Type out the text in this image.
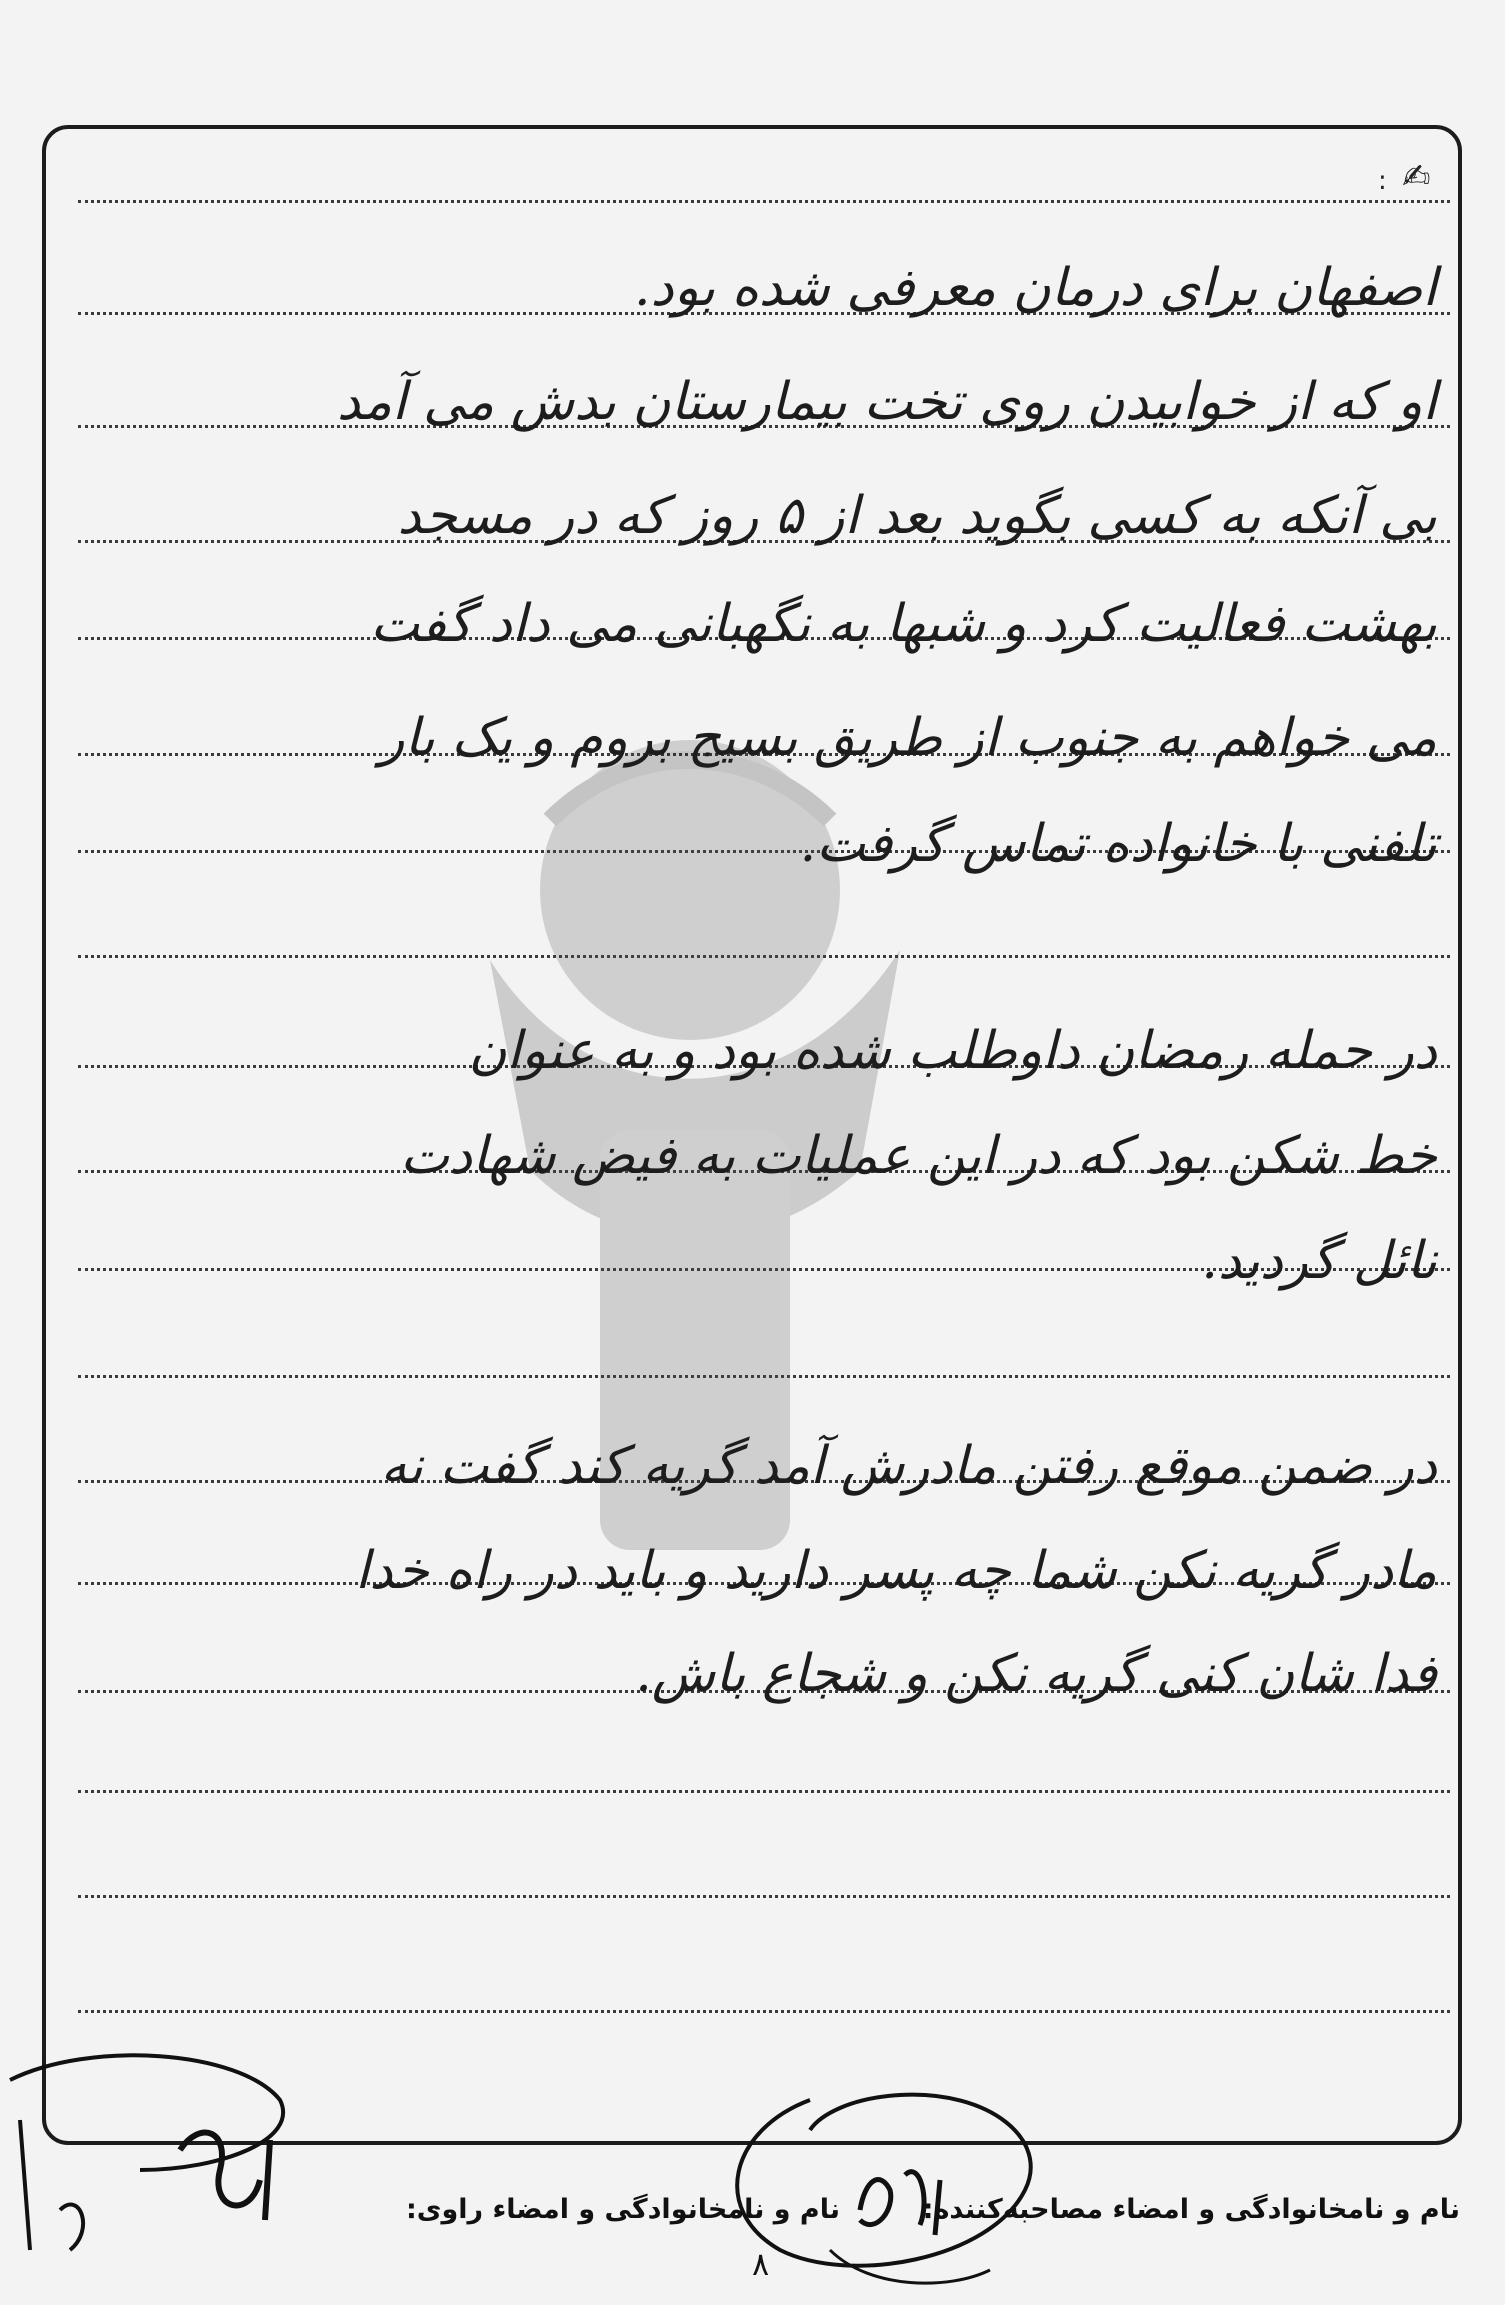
✍
:
اصفهان برای درمان معرفی شده بود.
او که از خوابیدن روی تخت بیمارستان بدش می آمد
بی آنکه به کسی بگوید بعد از ۵ روز که در مسجد
بهشت فعالیت کرد و شبها به نگهبانی می داد گفت
می خواهم به جنوب از طریق بسیج بروم و یک بار
تلفنی با خانواده تماس گرفت.
در حمله رمضان داوطلب شده بود و به عنوان
خط شکن بود که در این عملیات به فیض شهادت
نائل گردید.
در ضمن موقع رفتن مادرش آمد گریه کند گفت نه
مادر گریه نکن شما چه پسر دارید و باید در راه خدا
فدا شان کنی گریه نکن و شجاع باش.
نام و نامخانوادگی و امضاء مصاحبه‌کننده:
نام و نامخانوادگی و امضاء راوی:
۸
